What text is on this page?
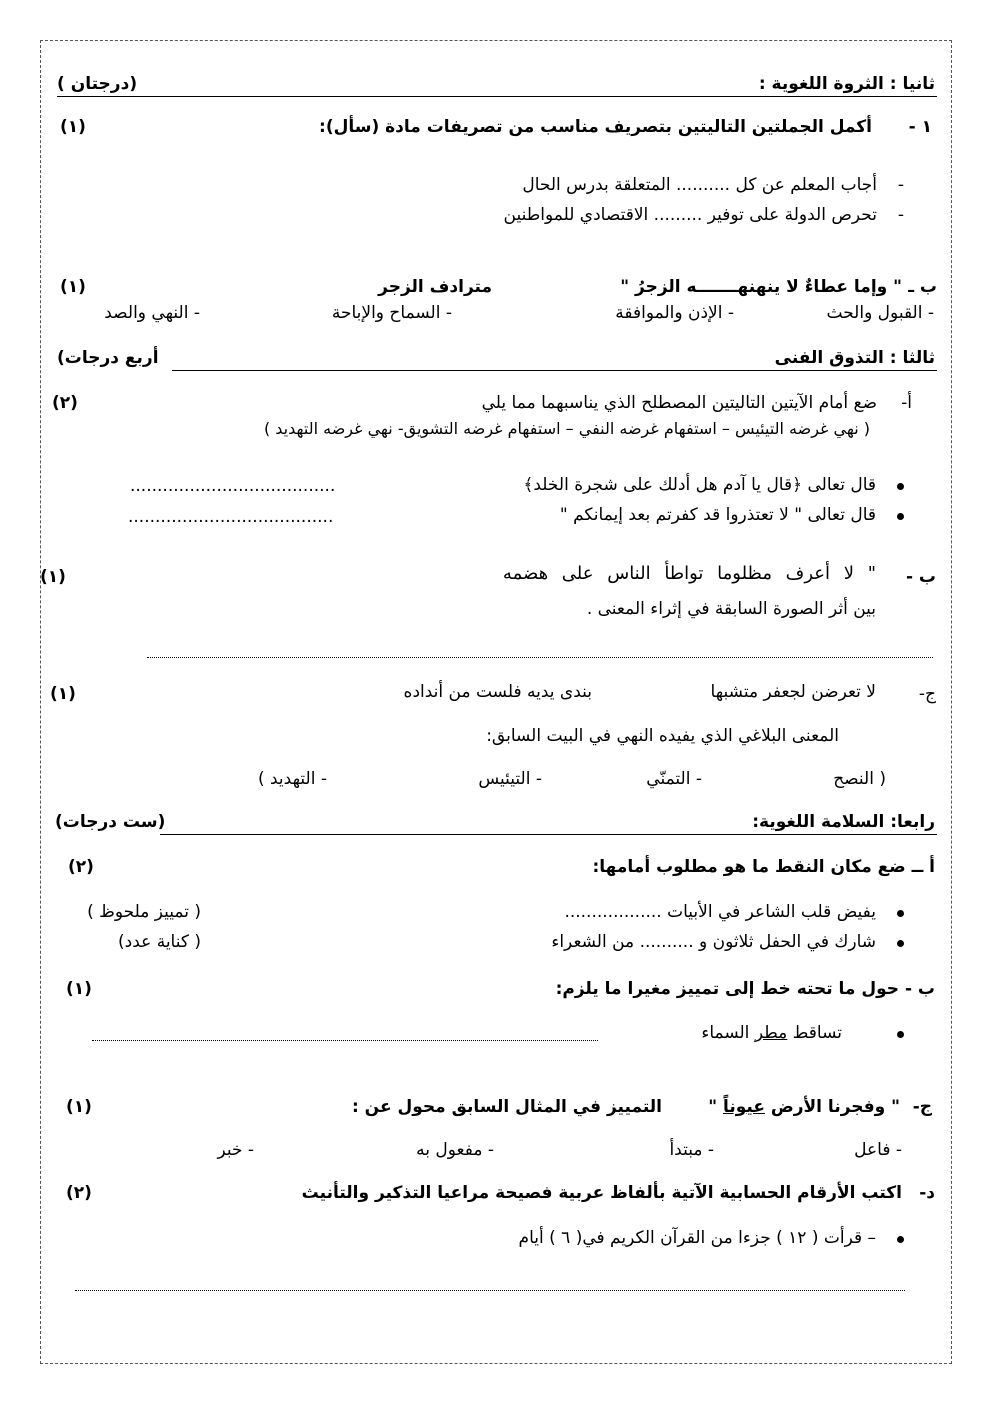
ثانيا : الثروة اللغوية :
( درجتان)
١ -
أكمل الجملتين التاليتين بتصريف مناسب من تصريفات مادة (سأل):
(١)
-
أجاب المعلم عن كل .......... المتعلقة بدرس الحال
-
تحرص الدولة على توفير ......... الاقتصادي للمواطنين
ب ـ
" وإما عطاءٌ لا ينهنهـــــــه الزجرُ "
مترادف الزجر
(١)
- القبول والحث
- الإذن والموافقة
- السماح والإباحة
- النهي والصد
ثالثا : التذوق الفنى
(أربع درجات
أ-
ضع أمام الآيتين التاليتين المصطلح الذي يناسبهما مما يلي
(٢)
( نهي غرضه التيئيس – استفهام غرضه النفي – استفهام غرضه التشويق- نهي غرضه التهديد )
قال تعالى ﴿قال يا آدم هل أدلك على شجرة الخلد﴾
......................................
قال تعالى " لا تعتذروا قد كفرتم بعد إيمانكم "
......................................
ب -
" لا أعرف مظلوما تواطأ الناس على هضمه
(١)
بين أثر الصورة السابقة في إثراء المعنى .
ج-
لا تعرضن لجعفر متشبها
بندى يديه فلست من أنداده
(١)
المعنى البلاغي الذي يفيده النهي في البيت السابق:
( النصح
- التمنّي
- التيئيس
- التهديد )
رابعا: السلامة اللغوية:
(ست درجات)
أ ــ ضع مكان النقط ما هو مطلوب أمامها:
(٢)
يفيض قلب الشاعر في الأبيات ..................
( تمييز ملحوظ )
شارك في الحفل ثلاثون و .......... من الشعراء
( كناية عدد)
ب - حول ما تحته خط إلى تمييز مغيرا ما يلزم:
(١)
تساقط مطر السماء
ج-
" وفجرنا الأرض عيوناً "
التمييز في المثال السابق محول عن :
(١)
- فاعل
- مبتدأ
- مفعول به
- خبر
د-
اكتب الأرقام الحسابية الآتية بألفاظ عربية فصيحة مراعيا التذكير والتأنيث
(٢)
– قرأت ( ١٢ ) جزءا من القرآن الكريم في( ٦ ) أيام
